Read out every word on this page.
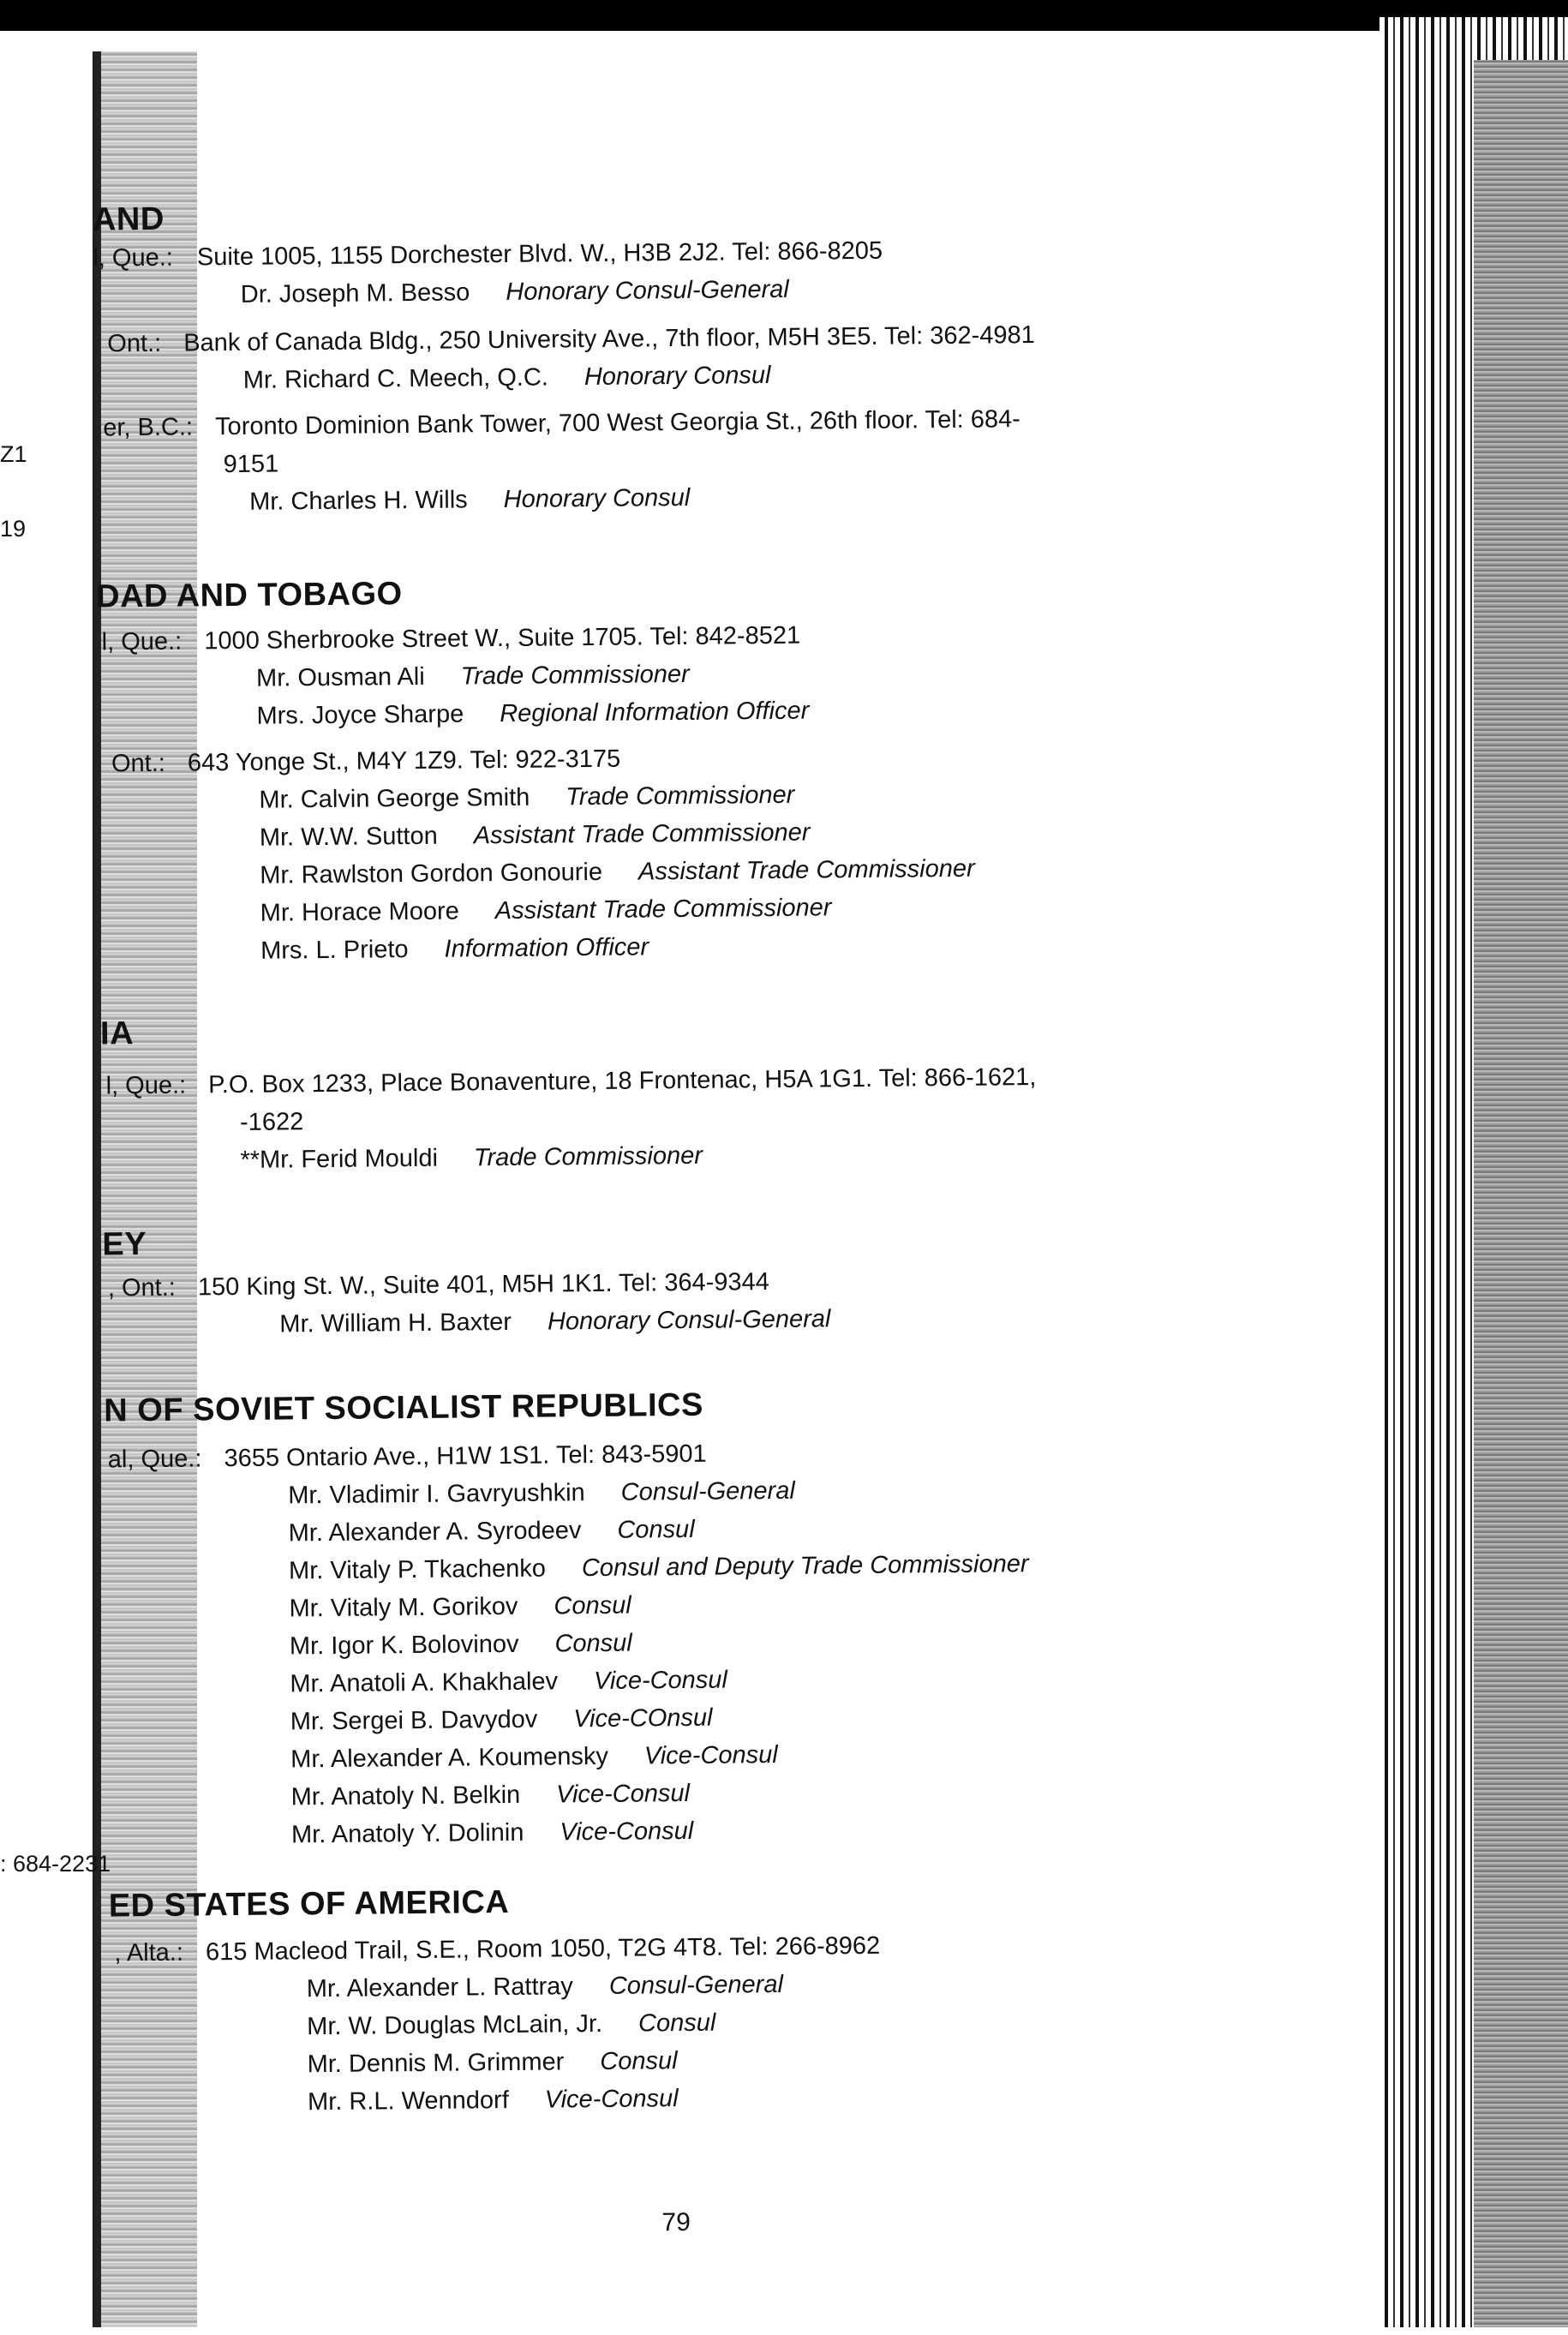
Z1
19
: 684-2231
AND
l, Que.: Suite 1005, 1155 Dorchester Blvd. W., H3B 2J2. Tel: 866-8205
Dr. Joseph M. Besso Honorary Consul-General
Ont.: Bank of Canada Bldg., 250 University Ave., 7th floor, M5H 3E5. Tel: 362-4981
Mr. Richard C. Meech, Q.C. Honorary Consul
er, B.C.: Toronto Dominion Bank Tower, 700 West Georgia St., 26th floor. Tel: 684-
9151
Mr. Charles H. Wills Honorary Consul
DAD AND TOBAGO
l, Que.: 1000 Sherbrooke Street W., Suite 1705. Tel: 842-8521
Mr. Ousman Ali Trade Commissioner
Mrs. Joyce Sharpe Regional Information Officer
Ont.: 643 Yonge St., M4Y 1Z9. Tel: 922-3175
Mr. Calvin George Smith Trade Commissioner
Mr. W.W. Sutton Assistant Trade Commissioner
Mr. Rawlston Gordon Gonourie Assistant Trade Commissioner
Mr. Horace Moore Assistant Trade Commissioner
Mrs. L. Prieto Information Officer
IA
l, Que.: P.O. Box 1233, Place Bonaventure, 18 Frontenac, H5A 1G1. Tel: 866-1621,
-1622
**Mr. Ferid Mouldi Trade Commissioner
EY
, Ont.: 150 King St. W., Suite 401, M5H 1K1. Tel: 364-9344
Mr. William H. Baxter Honorary Consul-General
N OF SOVIET SOCIALIST REPUBLICS
al, Que.: 3655 Ontario Ave., H1W 1S1. Tel: 843-5901
Mr. Vladimir I. Gavryushkin Consul-General
Mr. Alexander A. Syrodeev Consul
Mr. Vitaly P. Tkachenko Consul and Deputy Trade Commissioner
Mr. Vitaly M. Gorikov Consul
Mr. Igor K. Bolovinov Consul
Mr. Anatoli A. Khakhalev Vice-Consul
Mr. Sergei B. Davydov Vice-COnsul
Mr. Alexander A. Koumensky Vice-Consul
Mr. Anatoly N. Belkin Vice-Consul
Mr. Anatoly Y. Dolinin Vice-Consul
ED STATES OF AMERICA
, Alta.: 615 Macleod Trail, S.E., Room 1050, T2G 4T8. Tel: 266-8962
Mr. Alexander L. Rattray Consul-General
Mr. W. Douglas McLain, Jr. Consul
Mr. Dennis M. Grimmer Consul
Mr. R.L. Wenndorf Vice-Consul
79
